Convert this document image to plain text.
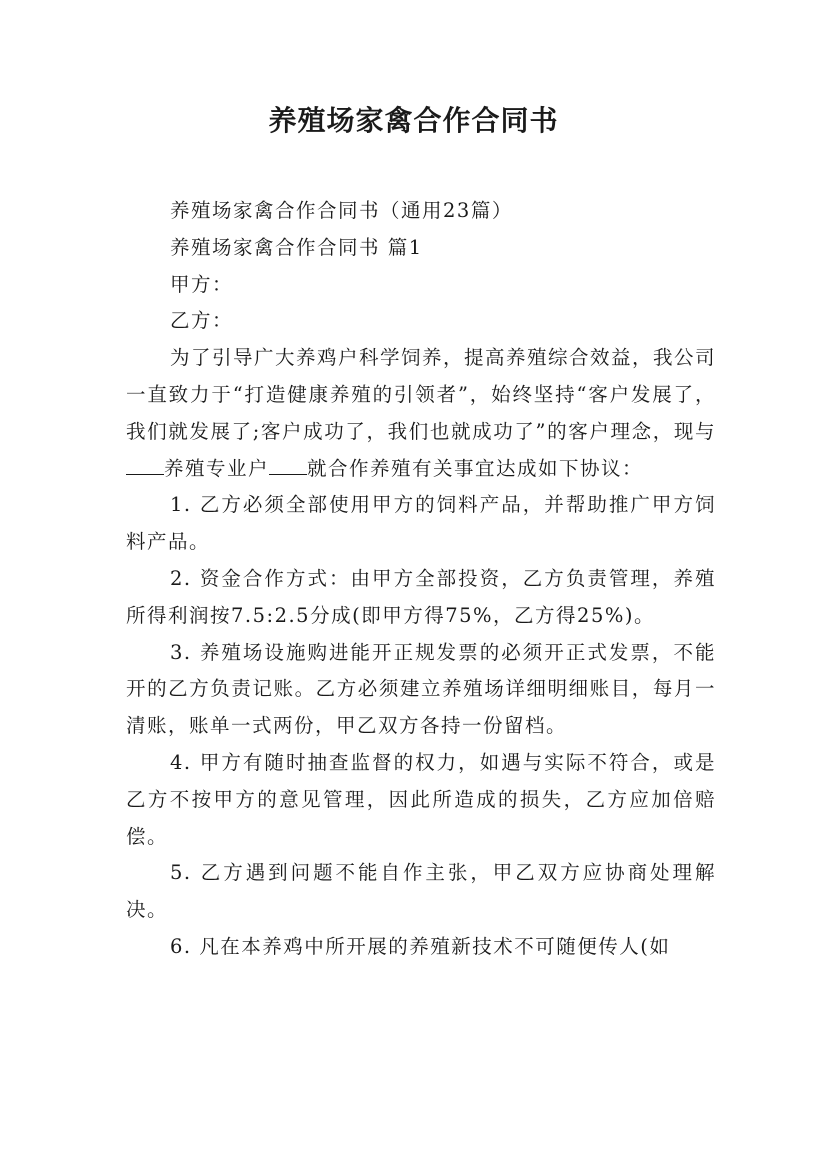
养殖场家禽合作合同书

养殖场家禽合作合同书（通用23篇）

养殖场家禽合作合同书 篇1

甲方：

乙方：

为了引导广大养鸡户科学饲养，提高养殖综合效益，我公司一直致力于“打造健康养殖的引领者”，始终坚持“客户发展了，我们就发展了;客户成功了，我们也就成功了”的客户理念，现与养殖专业户 就合作养殖有关事宜达成如下协议：

1. 乙方必须全部使用甲方的饲料产品，并帮助推广甲方饲料产品。

2. 资金合作方式：由甲方全部投资，乙方负责管理，养殖所得利润按7.5:2.5分成(即甲方得75%，乙方得25%)。

3. 养殖场设施购进能开正规发票的必须开正式发票，不能开的乙方负责记账。乙方必须建立养殖场详细明细账目，每月一清账，账单一式两份，甲乙双方各持一份留档。

4. 甲方有随时抽查监督的权力，如遇与实际不符合，或是乙方不按甲方的意见管理，因此所造成的损失，乙方应加倍赔偿。

5. 乙方遇到问题不能自作主张，甲乙双方应协商处理解决。

6. 凡在本养鸡中所开展的养殖新技术不可随便传人(如
